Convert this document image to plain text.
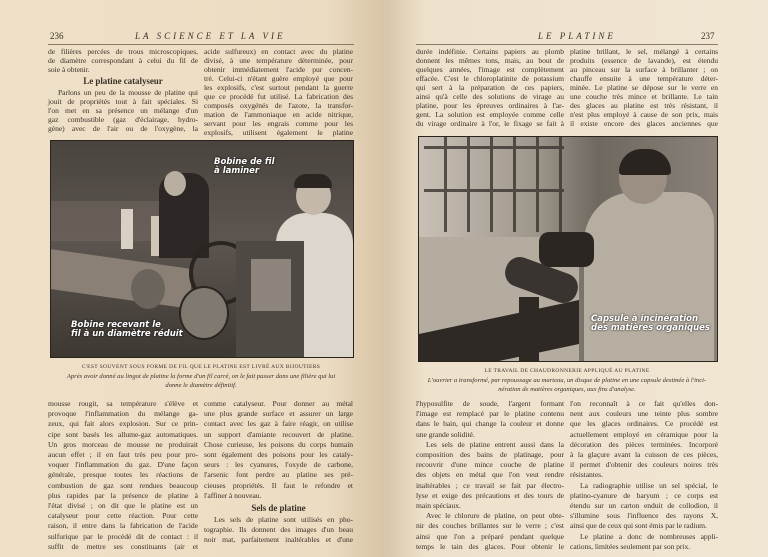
236	LA SCIENCE ET LA VIE
de filières percées de trous microscopiques,
de diamètre correspondant à celui du fil de
soie à obtenir.
Le platine catalyseur
Parlons un peu de la mousse de platine qui
jouit de propriétés tout à fait spéciales. Si
l'on met en sa présence un mélange d'un
gaz combustible (gaz d'éclairage, hydro-
gène) avec de l'air ou de l'oxygène, la
acide sulfureux) en contact avec du platine
divisé, à une température déterminée, pour
obtenir immédiatement l'acide pur concen-
tré. Celui-ci n'étant guère employé que pour
les explosifs, c'est surtout pendant la guerre
que ce procédé fut utilisé. La fabrication des
composés oxygénés de l'azote, la transfor-
mation de l'ammoniaque en acide nitrique,
servant pour les engrais comme pour les
explosifs, utilisent également le platine
Bobine de fil
à laminer
Bobine recevant le
fil à un diamètre réduit
C'EST SOUVENT SOUS FORME DE FIL QUE LE PLATINE EST LIVRÉ AUX BIJOUTIERS
Après avoir donné au lingot de platine la forme d'un fil carré, on le fait passer dans une filière qui lui
donne le diamètre définitif.
mousse rougit, sa température s'élève et
provoque l'inflammation du mélange ga-
zeux, qui fait alors explosion. Sur ce prin-
cipe sont basés les allume-gaz automatiques.
Un gros morceau de mousse ne produirait
aucun effet ; il en faut très peu pour pro-
voquer l'inflammation du gaz. D'une façon
générale, presque toutes les réactions de
combustion de gaz sont rendues beaucoup
plus rapides par la présence de platine à
l'état divisé ; on dit que le platine est un
catalyseur pour cette réaction. Pour cette
raison, il entre dans la fabrication de l'acide
sulfurique par le procédé dit de contact : il
suffit de mettre ses constituants (air et
comme catalyseur. Pour donner au métal
une plus grande surface et assurer un large
contact avec les gaz à faire réagir, on utilise
un support d'amiante recouvert de platine.
Chose curieuse, les poisons du corps humain
sont également des poisons pour les cataly-
seurs : les cyanures, l'oxyde de carbone,
l'arsenic font perdre au platine ses pré-
cieuses propriétés. Il faut le refondre et
l'affiner à nouveau.
Sels de platine
Les sels de platine sont utilisés en pho-
tographie. Ils donnent des images d'un beau
noir mat, parfaitement inaltérables et d'une
LE PLATINE	237
durée indéfinie. Certains papiers au plomb
donnent les mêmes tons, mais, au bout de
quelques années, l'image est complètement
effacée. C'est le chloroplatinite de potassium
qui sert à la préparation de ces papiers,
ainsi qu'à celle des solutions de virage au
platine, pour les épreuves ordinaires à l'ar-
gent. La solution est employée comme celle
du virage ordinaire à l'or, le fixage se fait à
platine brillant, le sel, mélangé à certains
produits (essence de lavande), est étendu
au pinceau sur la surface à brillanter ; on
chauffe ensuite à une température déter-
minée. Le platine se dépose sur le verre en
une couche très mince et brillante. Le tain
des glaces au platine est très résistant, il
n'est plus employé à cause de son prix, mais
il existe encore des glaces anciennes que
Capsule à incinération
des matières organiques
LE TRAVAIL DE CHAUDRONNERIE APPLIQUÉ AU PLATINE
L'ouvrier a transformé, par repoussage au marteau, un disque de platine en une capsule destinée à l'inci-
nération de matières organiques, aux fins d'analyse.
l'hyposulfite de soude, l'argent formant
l'image est remplacé par le platine contenu
dans le bain, qui change la couleur et donne
une grande solidité.
Les sels de platine entrent aussi dans la
composition des bains de platinage, pour
recouvrir d'une mince couche de platine
des objets en métal que l'on veut rendre
inaltérables ; ce travail se fait par électro-
lyse et exige des précautions et des tours de
main spéciaux.
Avec le chlorure de platine, on peut obte-
nir des couches brillantes sur le verre ; c'est
ainsi que l'on a préparé pendant quelque
temps le tain des glaces. Pour obtenir le
l'on reconnaît à ce fait qu'elles don-
nent aux couleurs une teinte plus sombre
que les glaces ordinaires. Ce procédé est
actuellement employé en céramique pour la
décoration des pièces terminées. Incorporé
à la glaçure avant la cuisson de ces pièces,
il permet d'obtenir des couleurs noires très
résistantes.
La radiographie utilise un sel spécial, le
platino-cyanure de baryum ; ce corps est
étendu sur un carton enduit de collodion, il
s'illumine sous l'influence des rayons X,
ainsi que de ceux qui sont émis par le radium.
Le platine a donc de nombreuses appli-
cations, limitées seulement par son prix.
